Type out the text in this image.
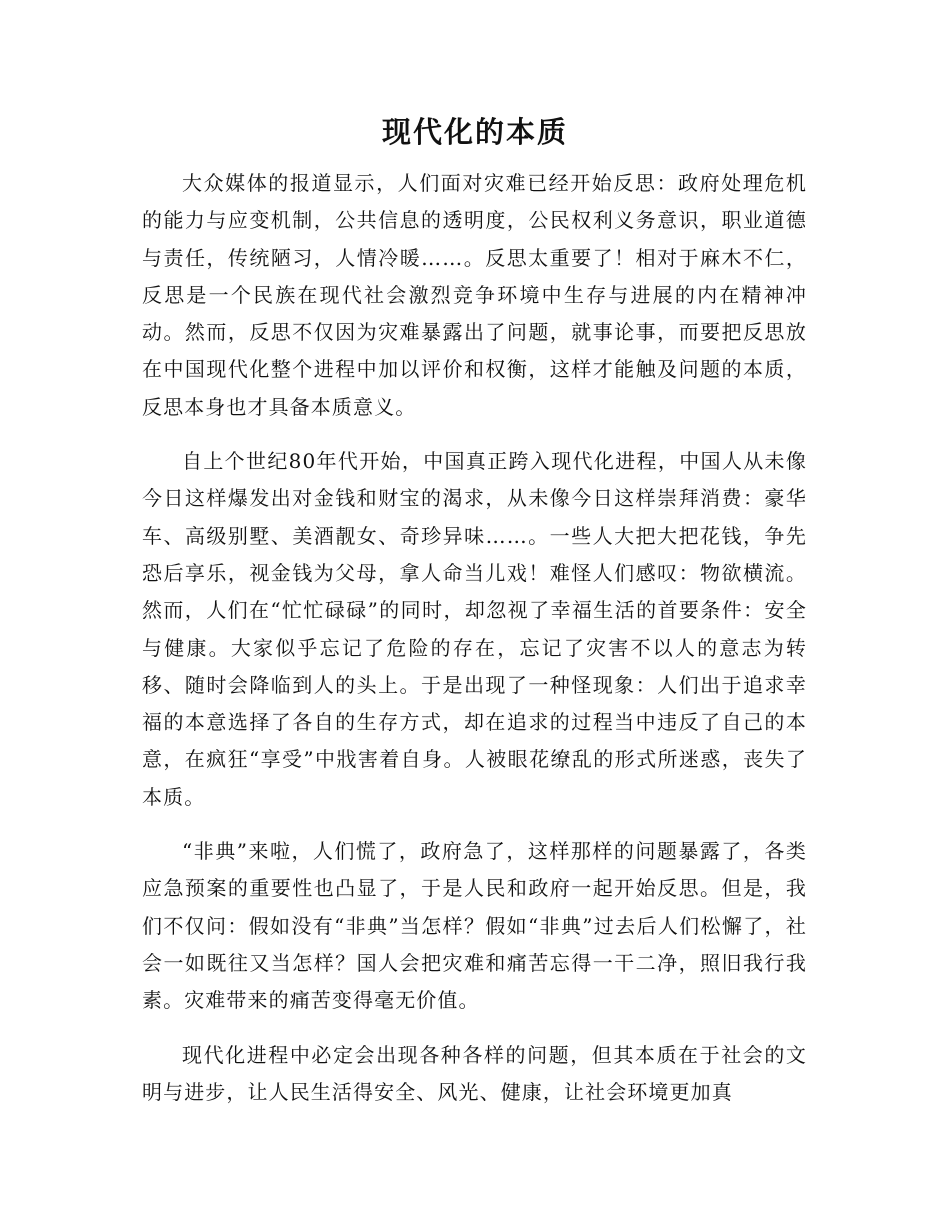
现代化的本质

大众媒体的报道显示，人们面对灾难已经开始反思：政府处理危机的能力与应变机制，公共信息的透明度，公民权利义务意识，职业道德与责任，传统陋习，人情冷暖……。反思太重要了！相对于麻木不仁，反思是一个民族在现代社会激烈竞争环境中生存与进展的内在精神冲动。然而，反思不仅因为灾难暴露出了问题，就事论事，而要把反思放在中国现代化整个进程中加以评价和权衡，这样才能触及问题的本质，反思本身也才具备本质意义。

自上个世纪80年代开始，中国真正跨入现代化进程，中国人从未像今日这样爆发出对金钱和财宝的渴求，从未像今日这样崇拜消费：豪华车、高级别墅、美酒靓女、奇珍异味……。一些人大把大把花钱，争先恐后享乐，视金钱为父母，拿人命当儿戏！难怪人们感叹：物欲横流。然而，人们在“忙忙碌碌”的同时，却忽视了幸福生活的首要条件：安全与健康。大家似乎忘记了危险的存在，忘记了灾害不以人的意志为转移、随时会降临到人的头上。于是出现了一种怪现象：人们出于追求幸福的本意选择了各自的生存方式，却在追求的过程当中违反了自己的本意，在疯狂“享受”中戕害着自身。人被眼花缭乱的形式所迷惑，丧失了本质。

“非典”来啦，人们慌了，政府急了，这样那样的问题暴露了，各类应急预案的重要性也凸显了，于是人民和政府一起开始反思。但是，我们不仅问：假如没有“非典”当怎样？假如“非典”过去后人们松懈了，社会一如既往又当怎样？国人会把灾难和痛苦忘得一干二净，照旧我行我素。灾难带来的痛苦变得毫无价值。

现代化进程中必定会出现各种各样的问题，但其本质在于社会的文明与进步，让人民生活得安全、风光、健康，让社会环境更加真
